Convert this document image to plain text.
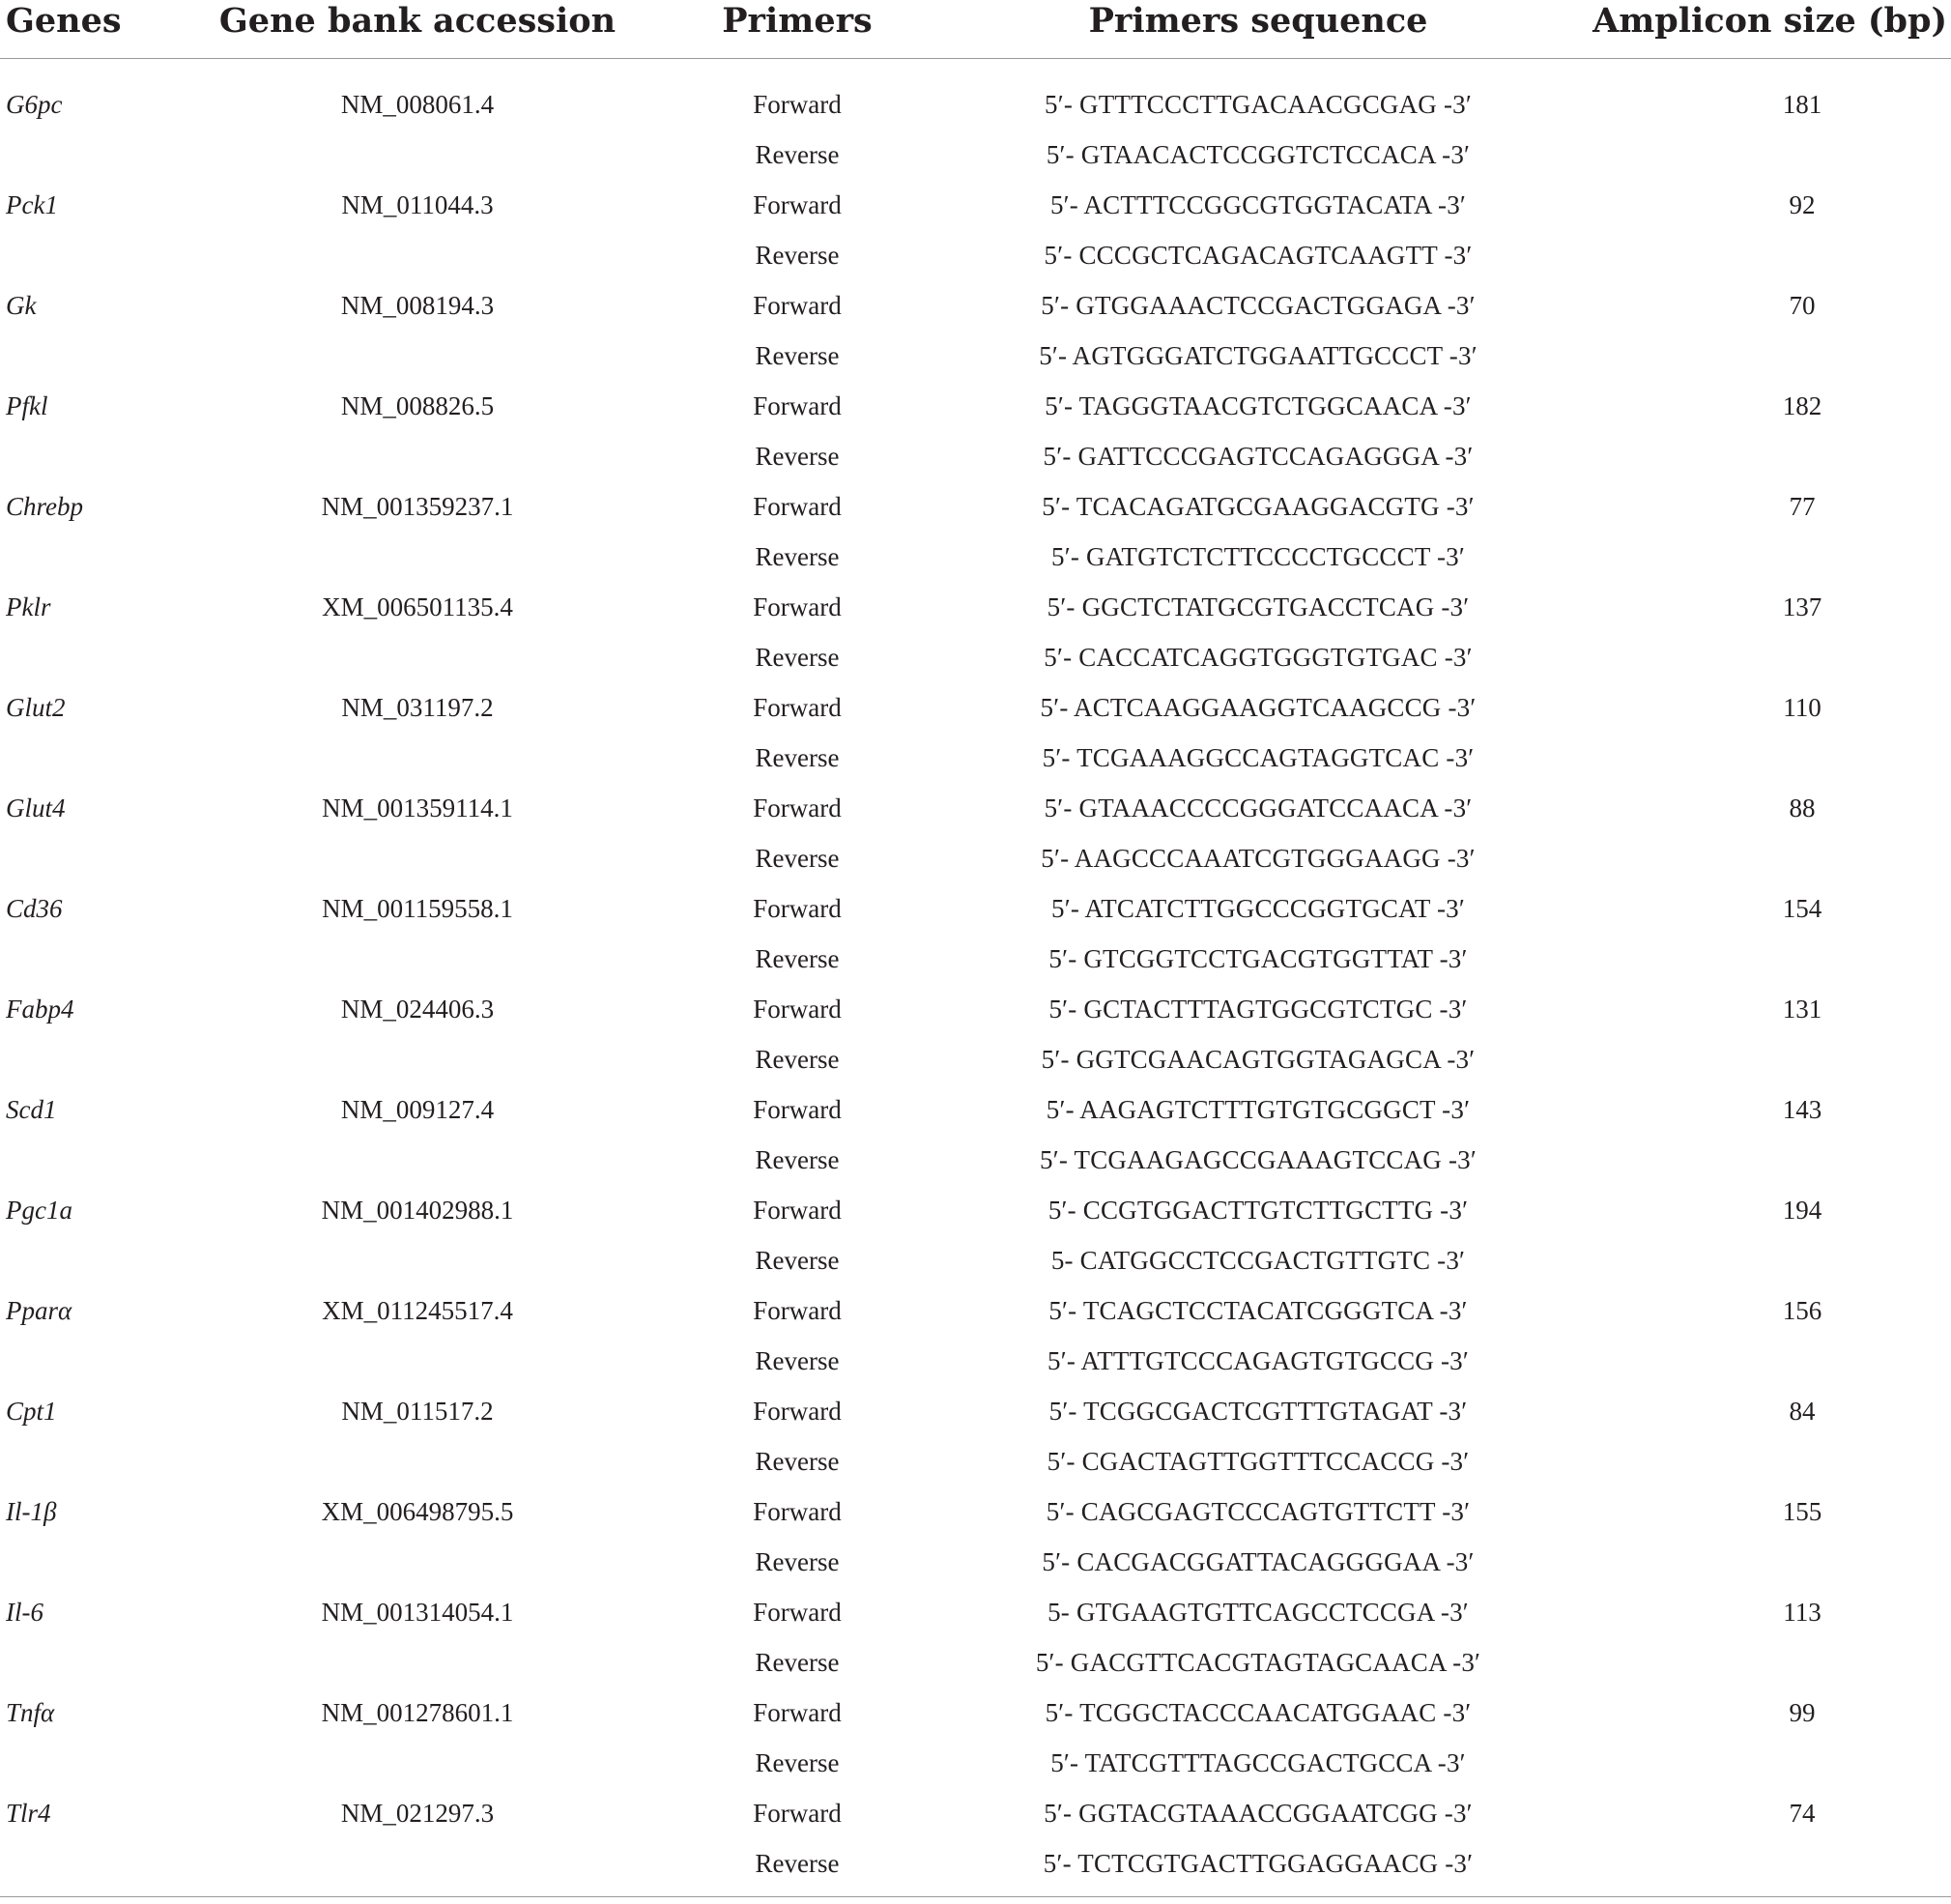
Genes	Gene bank accession	Primers	Primers sequence	Amplicon size (bp)
G6pc	NM_008061.4	Forward	5′- GTTTCCCTTGACAACGCGAG -3′	181
Reverse	5′- GTAACACTCCGGTCTCCACA -3′
Pck1	NM_011044.3	Forward	5′- ACTTTCCGGCGTGGTACATA -3′	92
Reverse	5′- CCCGCTCAGACAGTCAAGTT -3′
Gk	NM_008194.3	Forward	5′- GTGGAAACTCCGACTGGAGA -3′	70
Reverse	5′- AGTGGGATCTGGAATTGCCCT -3′
Pfkl	NM_008826.5	Forward	5′- TAGGGTAACGTCTGGCAACA -3′	182
Reverse	5′- GATTCCCGAGTCCAGAGGGA -3′
Chrebp	NM_001359237.1	Forward	5′- TCACAGATGCGAAGGACGTG -3′	77
Reverse	5′- GATGTCTCTTCCCCTGCCCT -3′
Pklr	XM_006501135.4	Forward	5′- GGCTCTATGCGTGACCTCAG -3′	137
Reverse	5′- CACCATCAGGTGGGTGTGAC -3′
Glut2	NM_031197.2	Forward	5′- ACTCAAGGAAGGTCAAGCCG -3′	110
Reverse	5′- TCGAAAGGCCAGTAGGTCAC -3′
Glut4	NM_001359114.1	Forward	5′- GTAAACCCCGGGATCCAACA -3′	88
Reverse	5′- AAGCCCAAATCGTGGGAAGG -3′
Cd36	NM_001159558.1	Forward	5′- ATCATCTTGGCCCGGTGCAT -3′	154
Reverse	5′- GTCGGTCCTGACGTGGTTAT -3′
Fabp4	NM_024406.3	Forward	5′- GCTACTTTAGTGGCGTCTGC -3′	131
Reverse	5′- GGTCGAACAGTGGTAGAGCA -3′
Scd1	NM_009127.4	Forward	5′- AAGAGTCTTTGTGTGCGGCT -3′	143
Reverse	5′- TCGAAGAGCCGAAAGTCCAG -3′
Pgc1a	NM_001402988.1	Forward	5′- CCGTGGACTTGTCTTGCTTG -3′	194
Reverse	5- CATGGCCTCCGACTGTTGTC -3′
Pparα	XM_011245517.4	Forward	5′- TCAGCTCCTACATCGGGTCA -3′	156
Reverse	5′- ATTTGTCCCAGAGTGTGCCG -3′
Cpt1	NM_011517.2	Forward	5′- TCGGCGACTCGTTTGTAGAT -3′	84
Reverse	5′- CGACTAGTTGGTTTCCACCG -3′
Il-1β	XM_006498795.5	Forward	5′- CAGCGAGTCCCAGTGTTCTT -3′	155
Reverse	5′- CACGACGGATTACAGGGGAA -3′
Il-6	NM_001314054.1	Forward	5- GTGAAGTGTTCAGCCTCCGA -3′	113
Reverse	5′- GACGTTCACGTAGTAGCAACA -3′
Tnfα	NM_001278601.1	Forward	5′- TCGGCTACCCAACATGGAAC -3′	99
Reverse	5′- TATCGTTTAGCCGACTGCCA -3′
Tlr4	NM_021297.3	Forward	5′- GGTACGTAAACCGGAATCGG -3′	74
Reverse	5′- TCTCGTGACTTGGAGGAACG -3′
